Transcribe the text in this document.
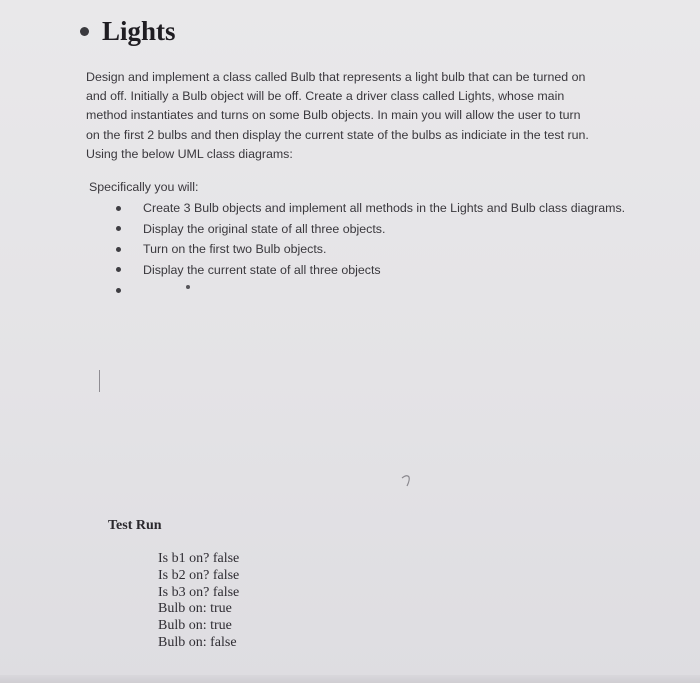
Lights
Design and implement a class called Bulb that represents a light bulb that can be turned on
and off. Initially a Bulb object will be off. Create a driver class called Lights, whose main
method instantiates and turns on some Bulb objects. In main you will allow the user to turn
on the first 2 bulbs and then display the current state of the bulbs as indiciate in the test run.
Using the below UML class diagrams:
Specifically you will:
Create 3 Bulb objects and implement all methods in the Lights and Bulb class diagrams.
Display the original state of all three objects.
Turn on the first two Bulb objects.
Display the current state of all three objects
Test Run
Is b1 on? false
Is b2 on? false
Is b3 on? false
Bulb on: true
Bulb on: true
Bulb on: false
